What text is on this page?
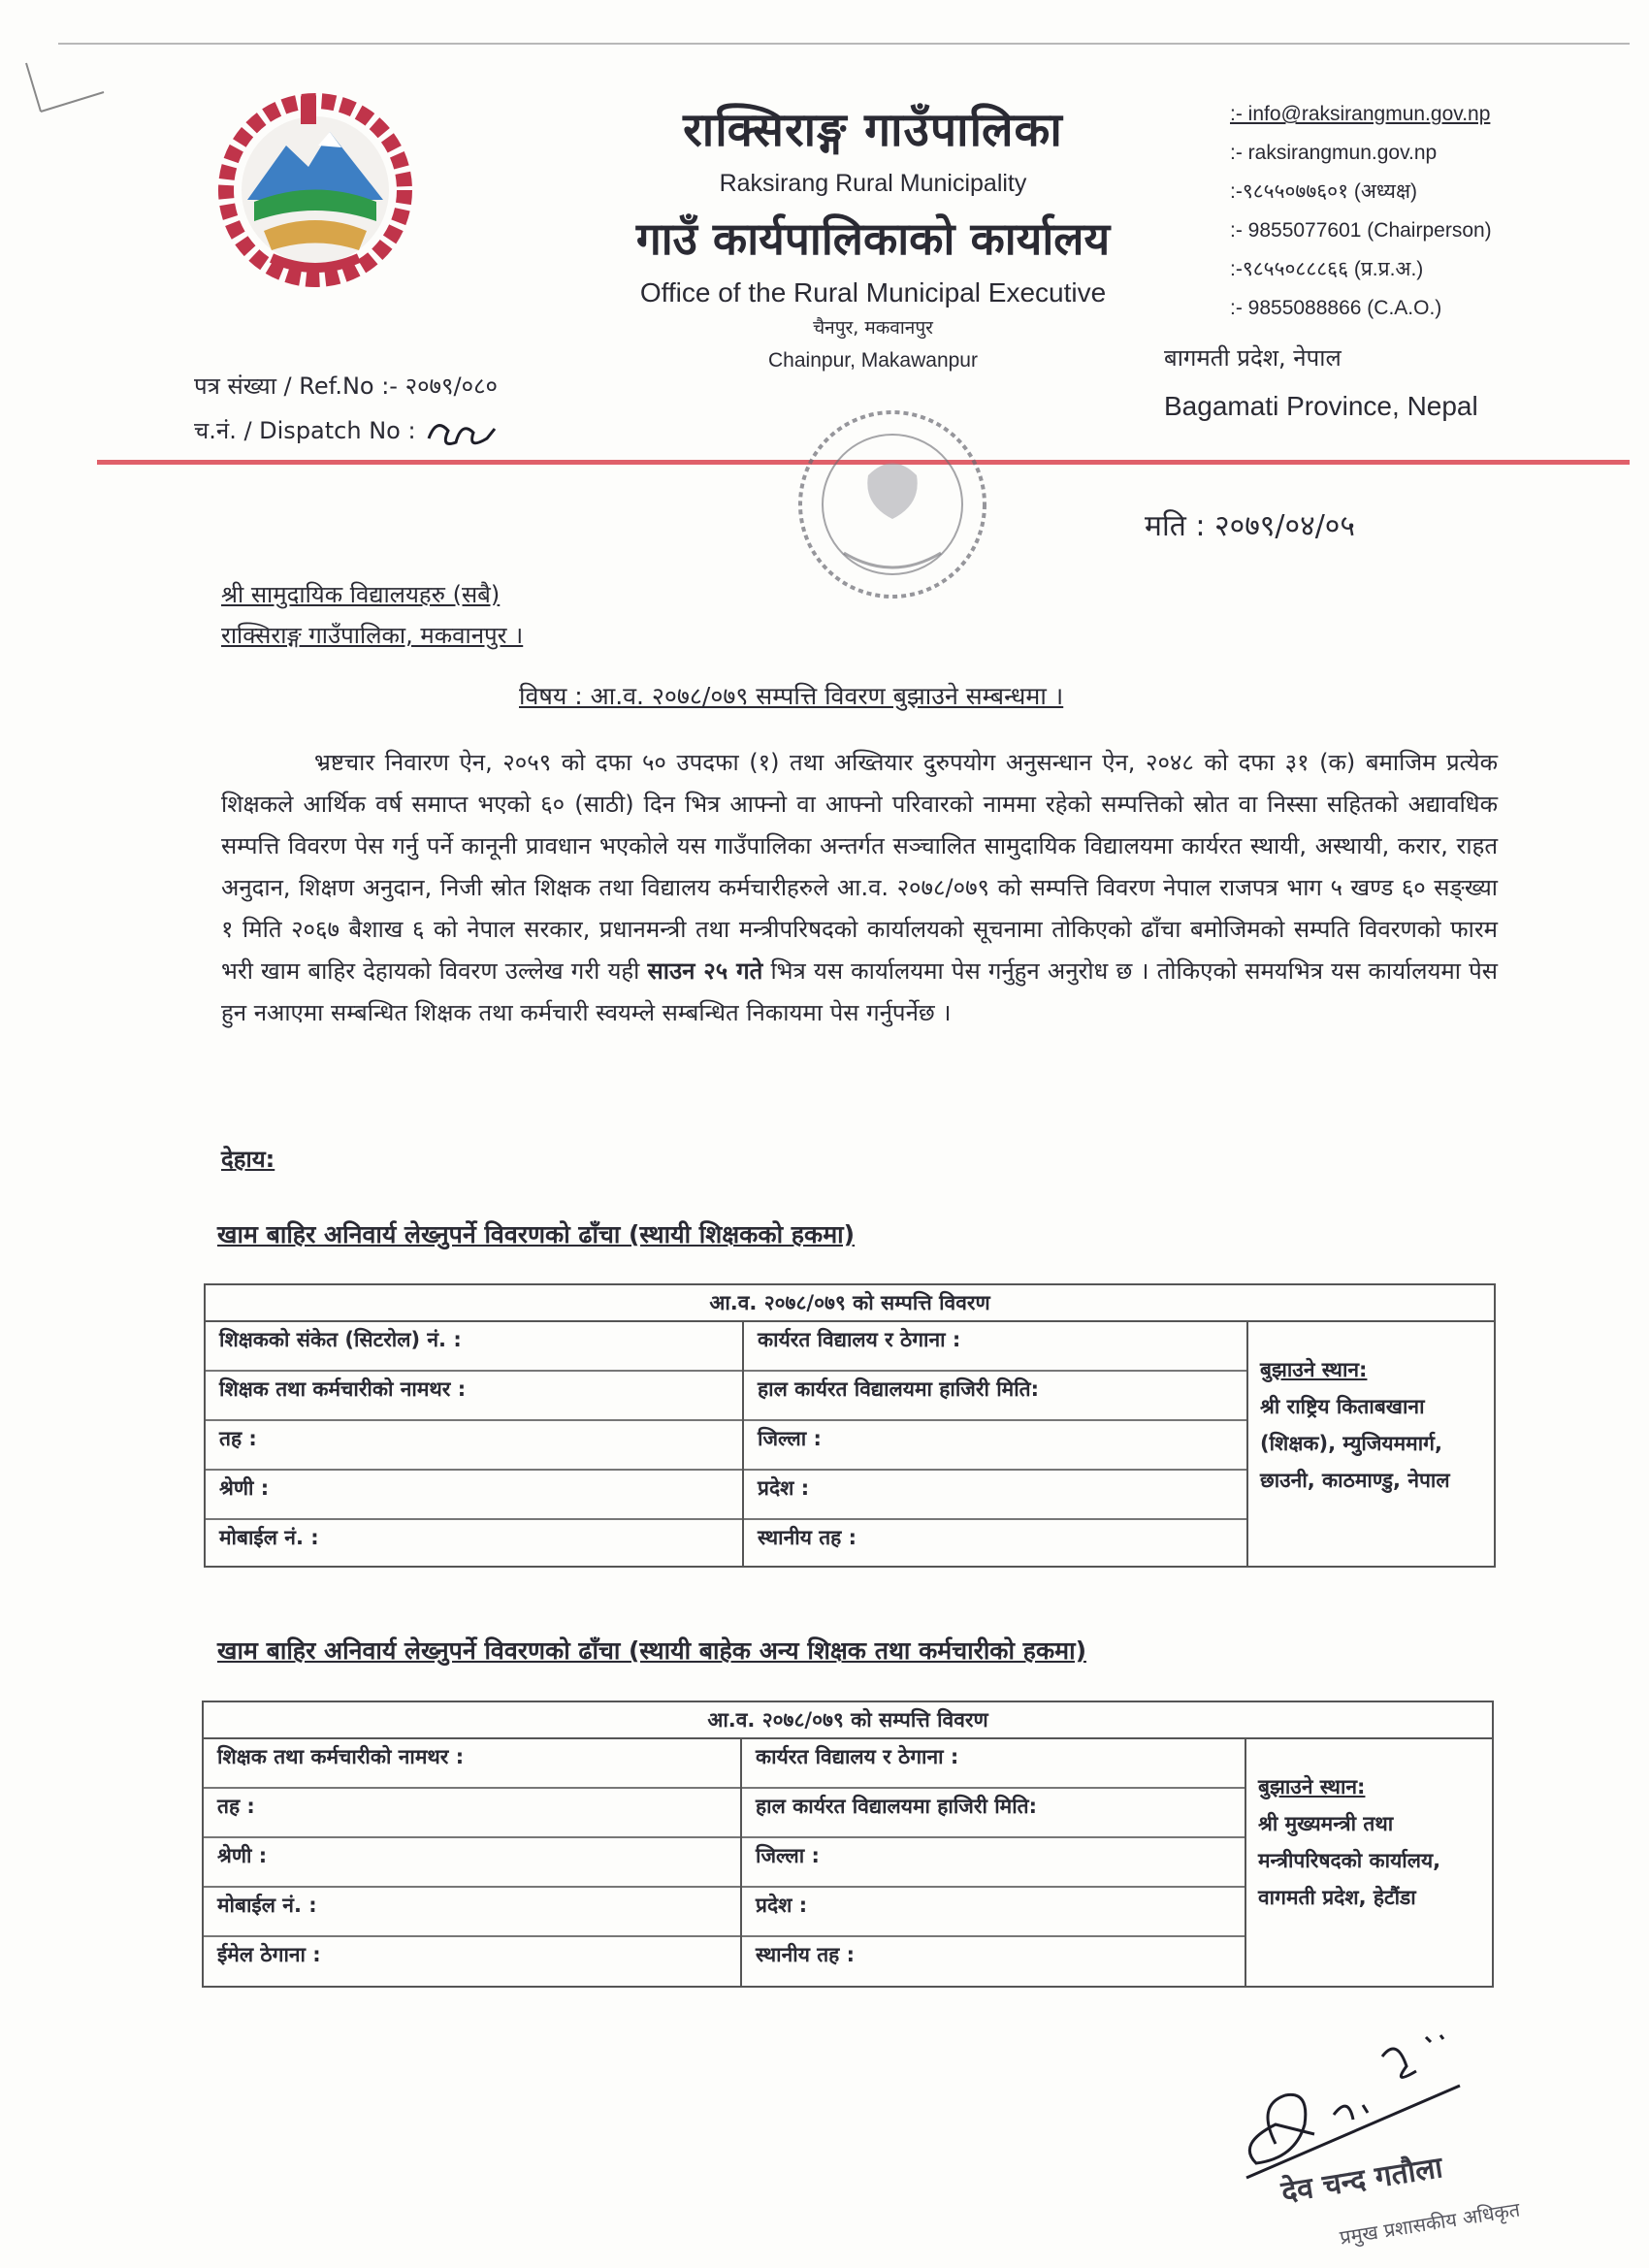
राक्सिराङ्ग गाउँपालिका
Raksirang Rural Municipality
गाउँ कार्यपालिकाको कार्यालय
Office of the Rural Municipal Executive
चैनपुर, मकवानपुर
Chainpur, Makawanpur
:- info@raksirangmun.gov.np
:- raksirangmun.gov.np
:-९८५५०७७६०१ (अध्यक्ष)
:- 9855077601 (Chairperson)
:-९८५५०८८८६६ (प्र.प्र.अ.)
:- 9855088866 (C.A.O.)
बागमती प्रदेश, नेपाल
Bagamati Province, Nepal
पत्र संख्या / Ref.No :- २०७९/०८०
च.नं. / Dispatch No :
मति : २०७९/०४/०५
श्री सामुदायिक विद्यालयहरु (सबै)
राक्सिराङ्ग गाउँपालिका, मकवानपुर ।
विषय : आ.व. २०७८/०७९ सम्पत्ति विवरण बुझाउने सम्बन्धमा ।
भ्रष्टचार निवारण ऐन, २०५९ को दफा ५० उपदफा (१) तथा अख्तियार दुरुपयोग अनुसन्धान ऐन, २०४८ को दफा ३१ (क) बमाजिम प्रत्येक शिक्षकले आर्थिक वर्ष समाप्त भएको ६० (साठी) दिन भित्र आफ्नो वा आफ्नो परिवारको नाममा रहेको सम्पत्तिको स्रोत वा निस्सा सहितको अद्यावधिक सम्पत्ति विवरण पेस गर्नु पर्ने कानूनी प्रावधान भएकोले यस गाउँपालिका अन्तर्गत सञ्चालित सामुदायिक विद्यालयमा कार्यरत स्थायी, अस्थायी, करार, राहत अनुदान, शिक्षण अनुदान, निजी स्रोत शिक्षक तथा विद्यालय कर्मचारीहरुले आ.व. २०७८/०७९ को सम्पत्ति विवरण नेपाल राजपत्र भाग ५ खण्ड ६० सङ्ख्या १ मिति २०६७ बैशाख ६ को नेपाल सरकार, प्रधानमन्त्री तथा मन्त्रीपरिषदको कार्यालयको सूचनामा तोकिएको ढाँचा बमोजिमको सम्पति विवरणको फारम भरी खाम बाहिर देहायको विवरण उल्लेख गरी यही साउन २५ गते भित्र यस कार्यालयमा पेस गर्नुहुन अनुरोध छ । तोकिएको समयभित्र यस कार्यालयमा पेस हुन नआएमा सम्बन्धित शिक्षक तथा कर्मचारी स्वयम्ले सम्बन्धित निकायमा पेस गर्नुपर्नेछ ।
देहाय:
खाम बाहिर अनिवार्य लेख्नुपर्ने विवरणको ढाँचा (स्थायी शिक्षकको हकमा)
आ.व. २०७८/०७९ को सम्पत्ति विवरण
शिक्षकको संकेत (सिटरोल) नं. :
शिक्षक तथा कर्मचारीको नामथर :
तह :
श्रेणी :
मोबाईल नं. :
कार्यरत विद्यालय र ठेगाना :
हाल कार्यरत विद्यालयमा हाजिरी मिति:
जिल्ला :
प्रदेश :
स्थानीय तह :
बुझाउने स्थान:
श्री राष्ट्रिय किताबखाना (शिक्षक), म्युजियममार्ग, छाउनी, काठमाण्डु, नेपाल
खाम बाहिर अनिवार्य लेख्नुपर्ने विवरणको ढाँचा (स्थायी बाहेक अन्य शिक्षक तथा कर्मचारीको हकमा)
आ.व. २०७८/०७९ को सम्पत्ति विवरण
शिक्षक तथा कर्मचारीको नामथर :
तह :
श्रेणी :
मोबाईल नं. :
ईमेल ठेगाना :
कार्यरत विद्यालय र ठेगाना :
हाल कार्यरत विद्यालयमा हाजिरी मिति:
जिल्ला :
प्रदेश :
स्थानीय तह :
बुझाउने स्थान:
श्री मुख्यमन्त्री तथा मन्त्रीपरिषदको कार्यालय, वागमती प्रदेश, हेटौंडा
देव चन्द गतौला
प्रमुख प्रशासकीय अधिकृत
